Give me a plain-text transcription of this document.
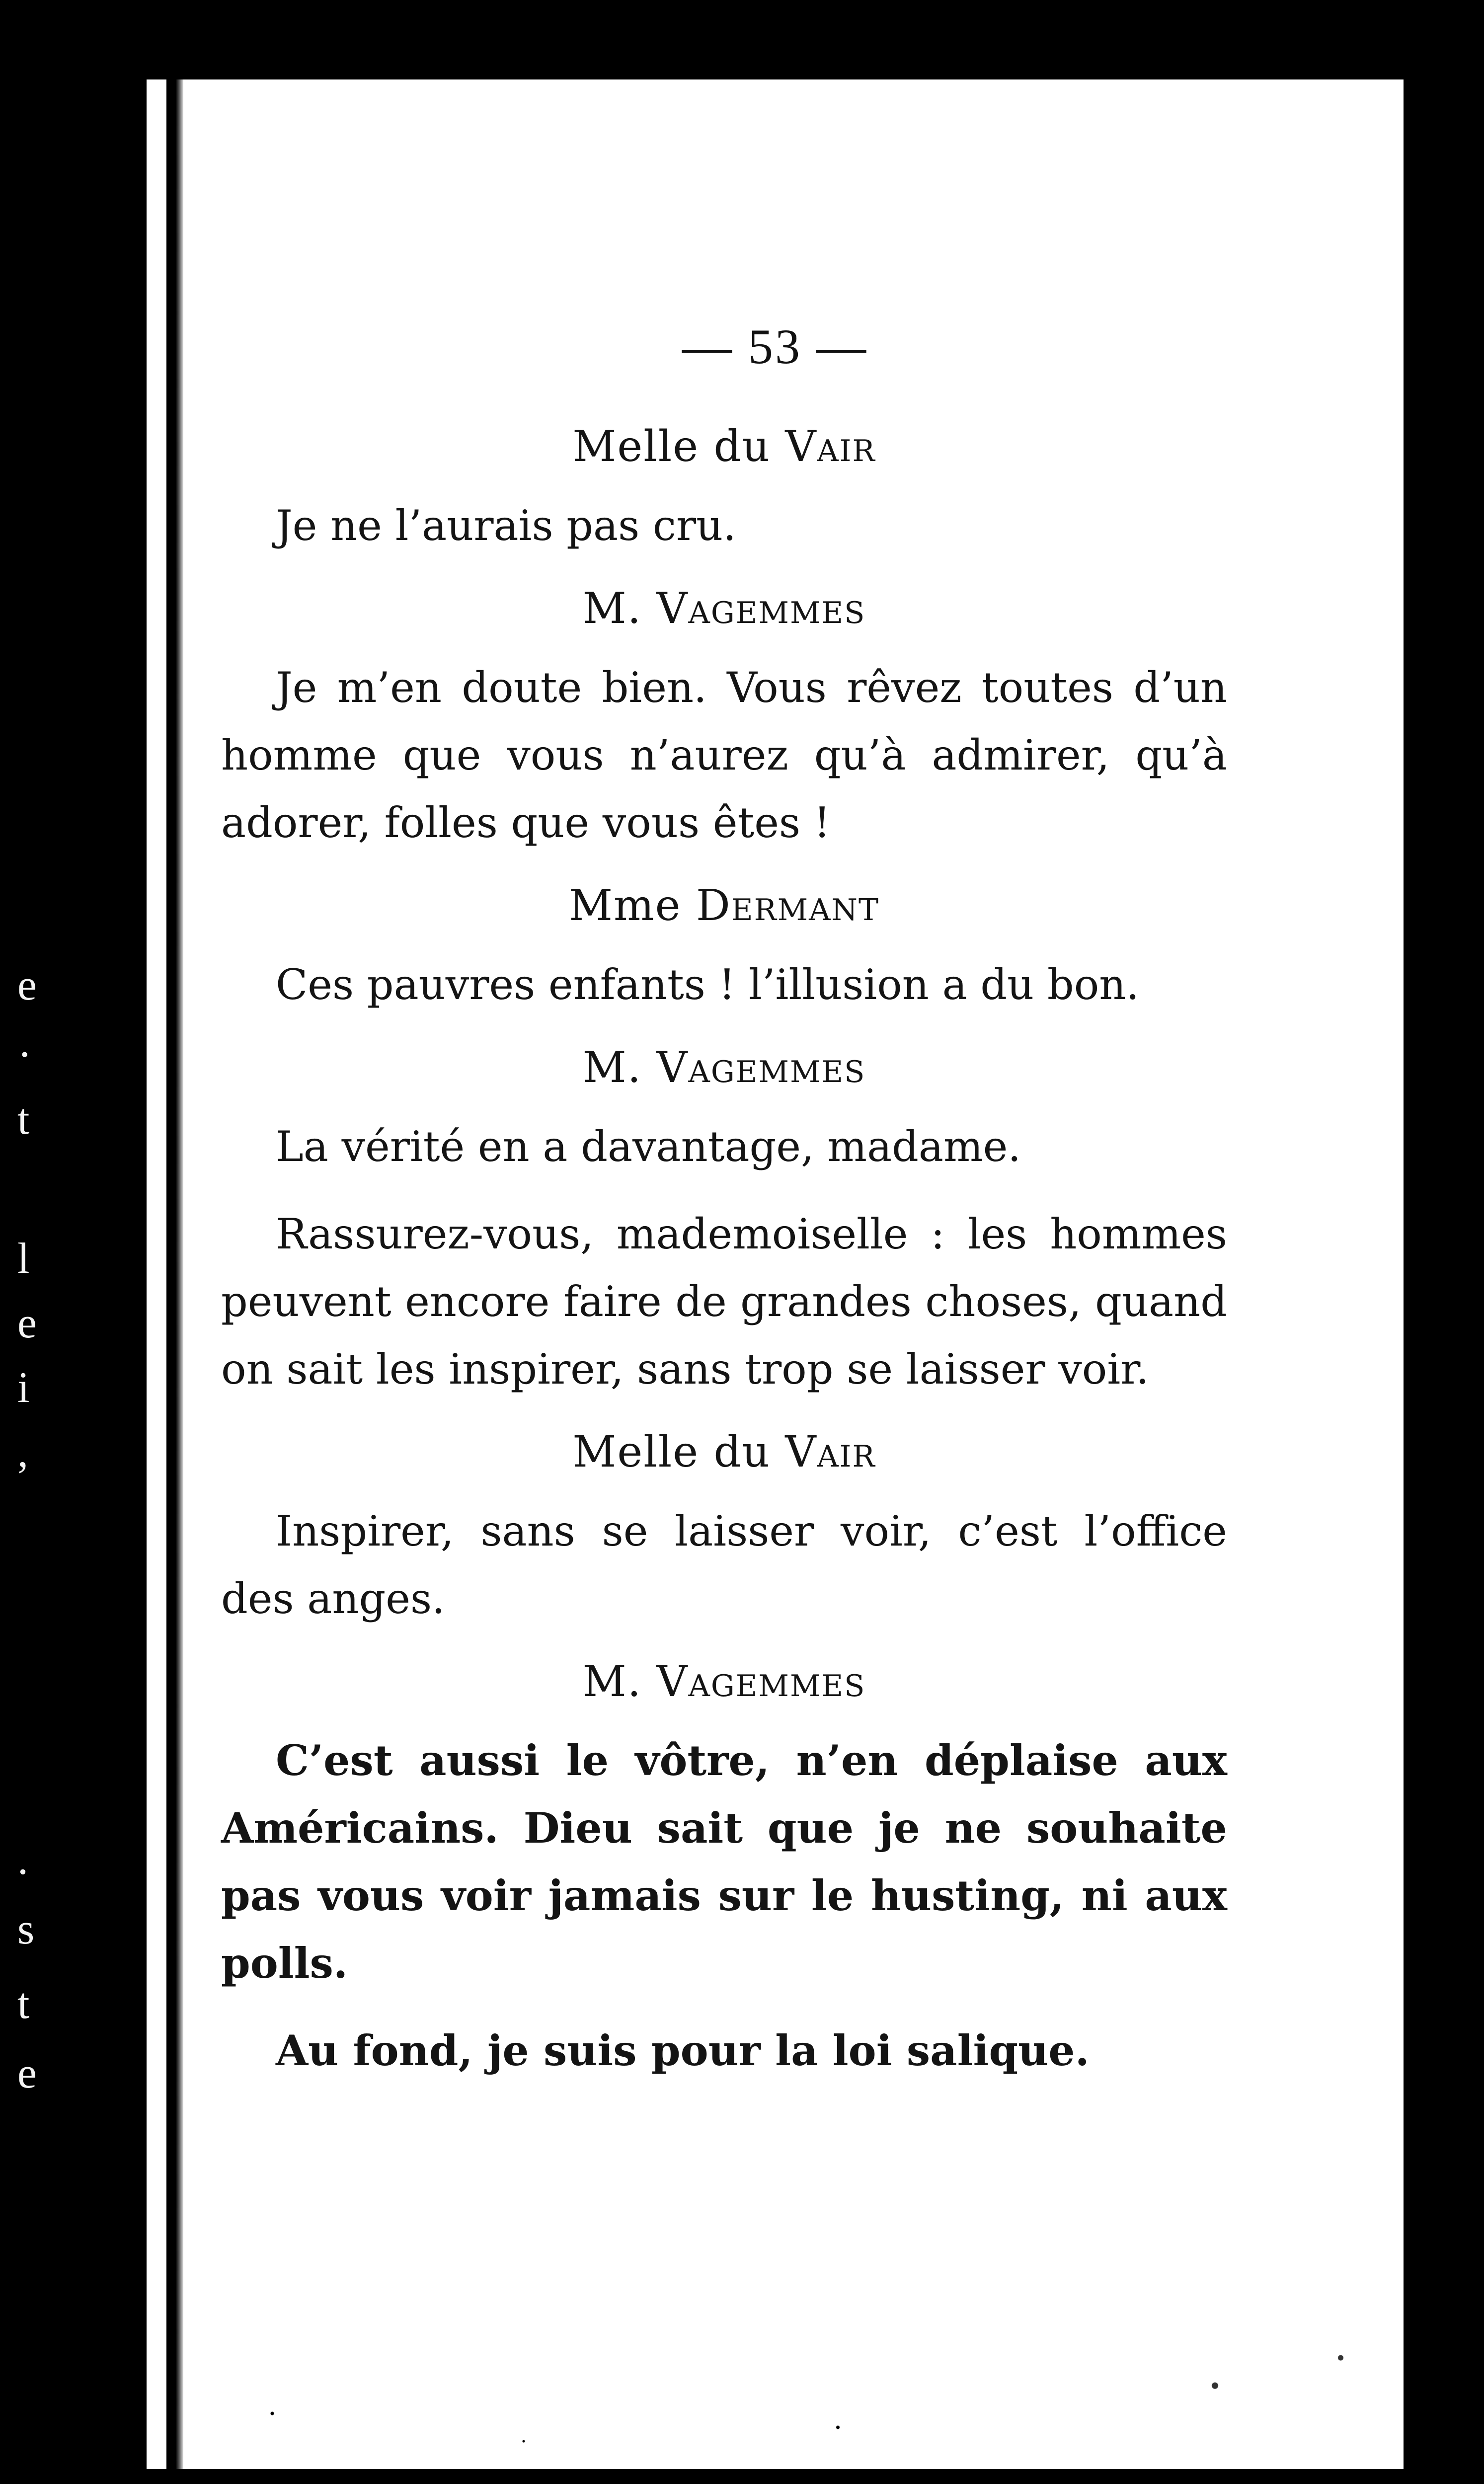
e
·
t
l
e
i
,
.
s
t
e
— 53 —
Melle du Vair

Je ne l’aurais pas cru.

M. Vagemmes

Je m’en doute bien. Vous rêvez toutes d’un homme que vous n’aurez qu’à admirer, qu’à adorer, folles que vous êtes !

Mme Dermant

Ces pauvres enfants ! l’illusion a du bon.

M. Vagemmes

La vérité en a davantage, madame.

Rassurez-vous, mademoiselle : les hommes peuvent encore faire de grandes choses, quand on sait les inspirer, sans trop se laisser voir.

Melle du Vair

Inspirer, sans se laisser voir, c’est l’office des anges.

M. Vagemmes

C’est aussi le vôtre, n’en déplaise aux Américains. Dieu sait que je ne souhaite pas vous voir jamais sur le husting, ni aux polls.

Au fond, je suis pour la loi salique.
